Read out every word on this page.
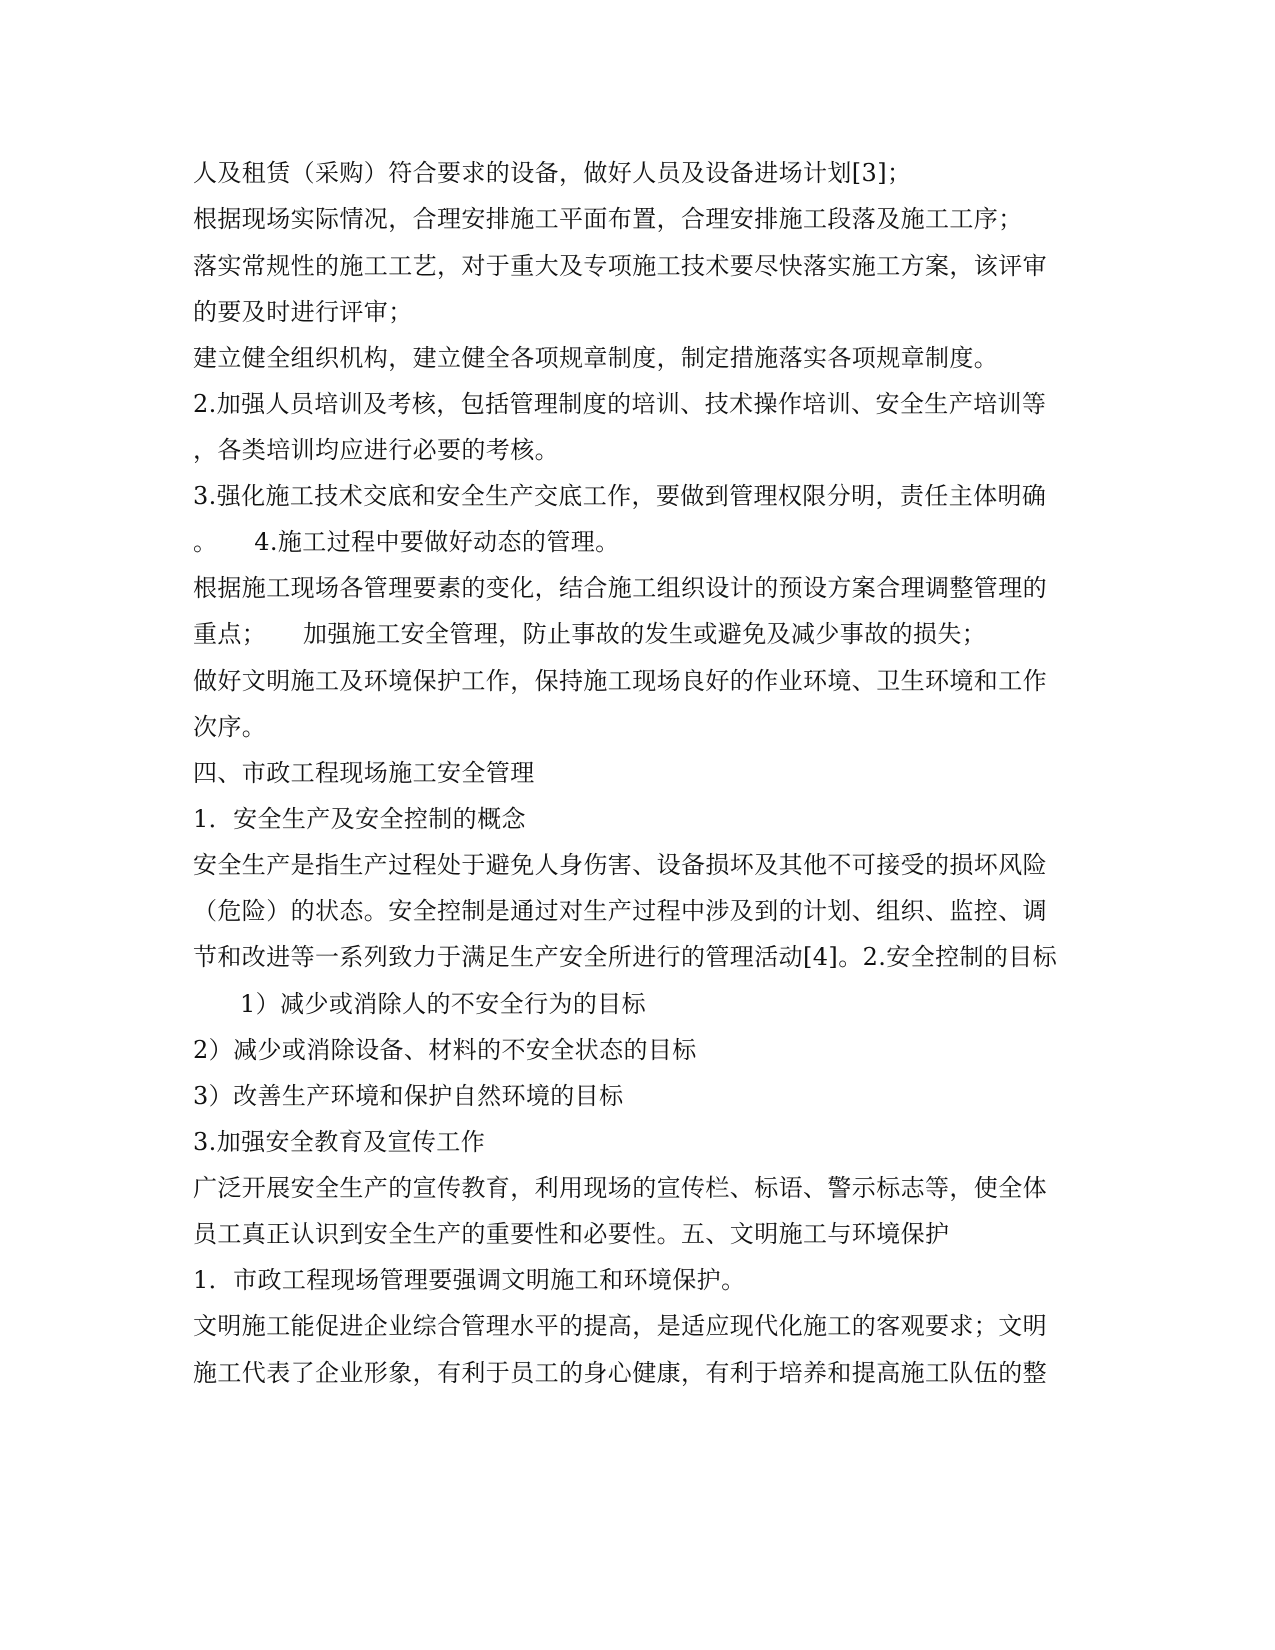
人及租赁（采购）符合要求的设备，做好人员及设备进场计划[3]；
根据现场实际情况，合理安排施工平面布置，合理安排施工段落及施工工序；
落实常规性的施工工艺，对于重大及专项施工技术要尽快落实施工方案，该评审
的要及时进行评审；
建立健全组织机构，建立健全各项规章制度，制定措施落实各项规章制度。
2.加强人员培训及考核，包括管理制度的培训、技术操作培训、安全生产培训等
，各类培训均应进行必要的考核。
3.强化施工技术交底和安全生产交底工作，要做到管理权限分明，责任主体明确
。　　4.施工过程中要做好动态的管理。
根据施工现场各管理要素的变化，结合施工组织设计的预设方案合理调整管理的
重点；　　加强施工安全管理，防止事故的发生或避免及减少事故的损失；
做好文明施工及环境保护工作，保持施工现场良好的作业环境、卫生环境和工作
次序。
四、市政工程现场施工安全管理
1．安全生产及安全控制的概念
安全生产是指生产过程处于避免人身伤害、设备损坏及其他不可接受的损坏风险
（危险）的状态。安全控制是通过对生产过程中涉及到的计划、组织、监控、调
节和改进等一系列致力于满足生产安全所进行的管理活动[4]。2.安全控制的目标
1）减少或消除人的不安全行为的目标
2）减少或消除设备、材料的不安全状态的目标
3）改善生产环境和保护自然环境的目标
3.加强安全教育及宣传工作
广泛开展安全生产的宣传教育，利用现场的宣传栏、标语、警示标志等，使全体
员工真正认识到安全生产的重要性和必要性。五、文明施工与环境保护
1．市政工程现场管理要强调文明施工和环境保护。
文明施工能促进企业综合管理水平的提高，是适应现代化施工的客观要求；文明
施工代表了企业形象，有利于员工的身心健康，有利于培养和提高施工队伍的整
